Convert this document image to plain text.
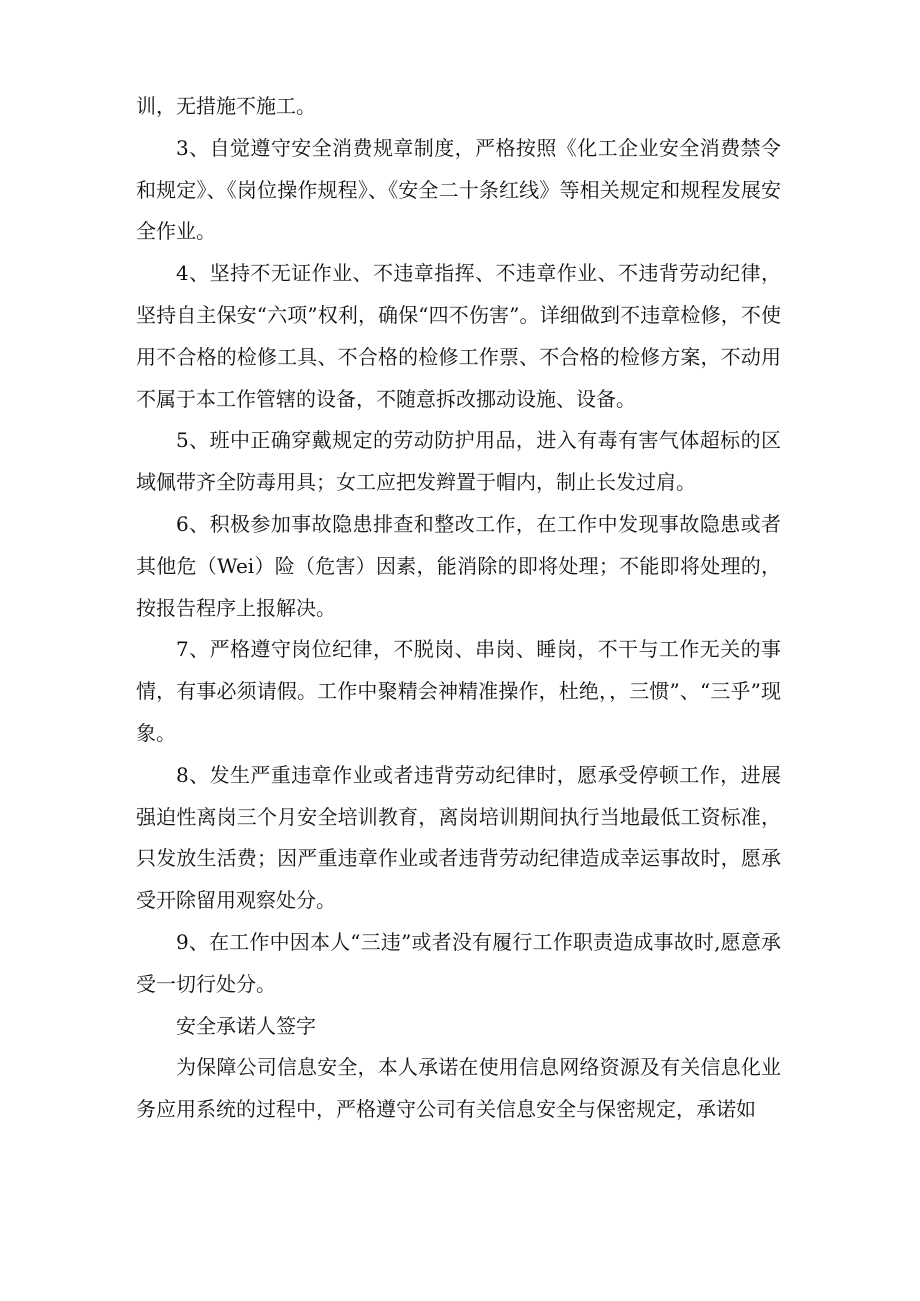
训，无措施不施工。

3、自觉遵守安全消费规章制度，严格按照《化工企业安全消费禁令和规定》、《岗位操作规程》、《安全二十条红线》等相关规定和规程发展安全作业。

4、坚持不无证作业、不违章指挥、不违章作业、不违背劳动纪律，坚持自主保安“六项”权利，确保“四不伤害”。详细做到不违章检修，不使用不合格的检修工具、不合格的检修工作票、不合格的检修方案，不动用不属于本工作管辖的设备，不随意拆改挪动设施、设备。

5、班中正确穿戴规定的劳动防护用品，进入有毒有害气体超标的区域佩带齐全防毒用具；女工应把发辫置于帽内，制止长发过肩。

6、积极参加事故隐患排查和整改工作，在工作中发现事故隐患或者其他危（Wei）险（危害）因素，能消除的即将处理；不能即将处理的，按报告程序上报解决。

7、严格遵守岗位纪律，不脱岗、串岗、睡岗，不干与工作无关的事情，有事必须请假。工作中聚精会神精准操作，杜绝，，三惯”、“三乎”现象。

8、发生严重违章作业或者违背劳动纪律时，愿承受停顿工作，进展强迫性离岗三个月安全培训教育，离岗培训期间执行当地最低工资标准，只发放生活费；因严重违章作业或者违背劳动纪律造成幸运事故时，愿承受开除留用观察处分。

9、在工作中因本人“三违”或者没有履行工作职责造成事故时,愿意承受一切行处分。

安全承诺人签字

为保障公司信息安全，本人承诺在使用信息网络资源及有关信息化业务应用系统的过程中，严格遵守公司有关信息安全与保密规定，承诺如
